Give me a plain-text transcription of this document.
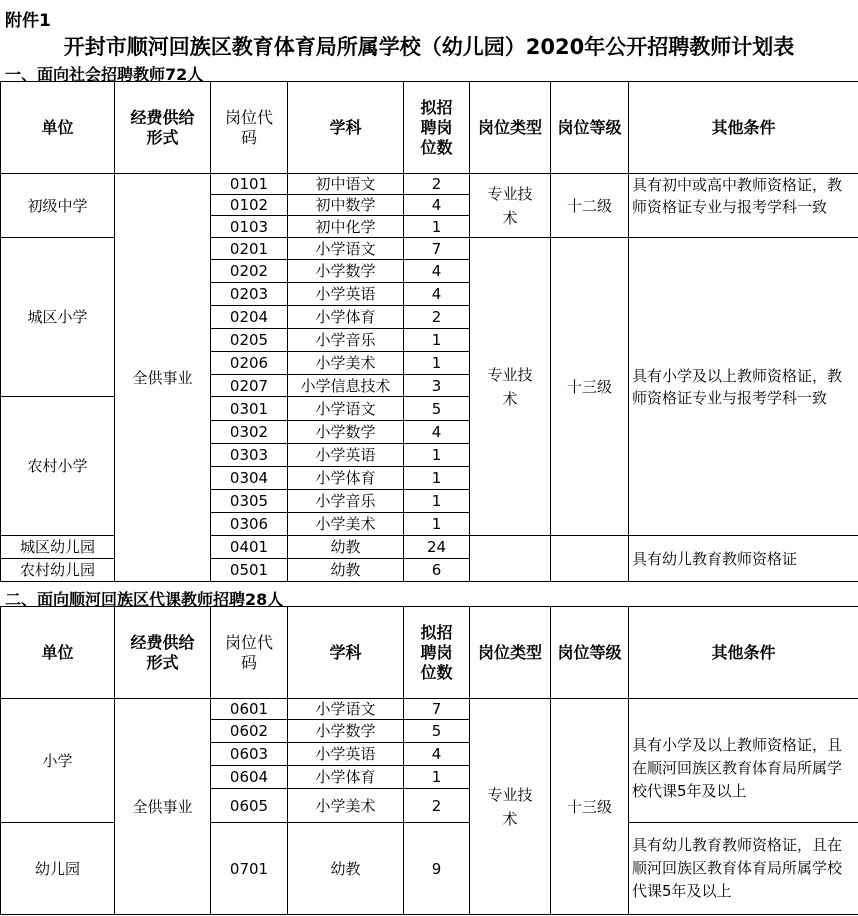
附件1
开封市顺河回族区教育体育局所属学校（幼儿园）2020年公开招聘教师计划表
一、面向社会招聘教师72人
单位	经费供给形式	岗位代码	学科	拟招聘岗位数	岗位类型	岗位等级	其他条件
初级中学	全供事业	0101	初中语文	2	专业技术	十二级	具有初中或高中教师资格证，教师资格证专业与报考学科一致

		0102	初中数学	4			
		0103	初中化学	1			
城区小学		0201	小学语文	7	专业技术	十三级	具有小学及以上教师资格证，教师资格证专业与报考学科一致

		0202	小学数学	4			
		0203	小学英语	4			
		0204	小学体育	2			
		0205	小学音乐	1			
		0206	小学美术	1			
		0207	小学信息技术	3			
农村小学		0301	小学语文	5			
		0302	小学数学	4			
		0303	小学英语	1			
		0304	小学体育	1			
		0305	小学音乐	1			
		0306	小学美术	1			
城区幼儿园		0401	幼教	24			具有幼儿教育教师资格证
农村幼儿园		0501	幼教	6			
二、面向顺河回族区代课教师招聘28人
单位	经费供给形式	岗位代码	学科	拟招聘岗位数	岗位类型	岗位等级	其他条件
小学	全供事业	0601	小学语文	7	专业技术	十三级	具有小学及以上教师资格证，且在顺河回族区教育体育局所属学校代课5年及以上

		0602	小学数学	5			
		0603	小学英语	4			
		0604	小学体育	1			
		0605	小学美术	2			
幼儿园		0701	幼教	9			具有幼儿教育教师资格证，且在顺河回族区教育体育局所属学校代课5年及以上
